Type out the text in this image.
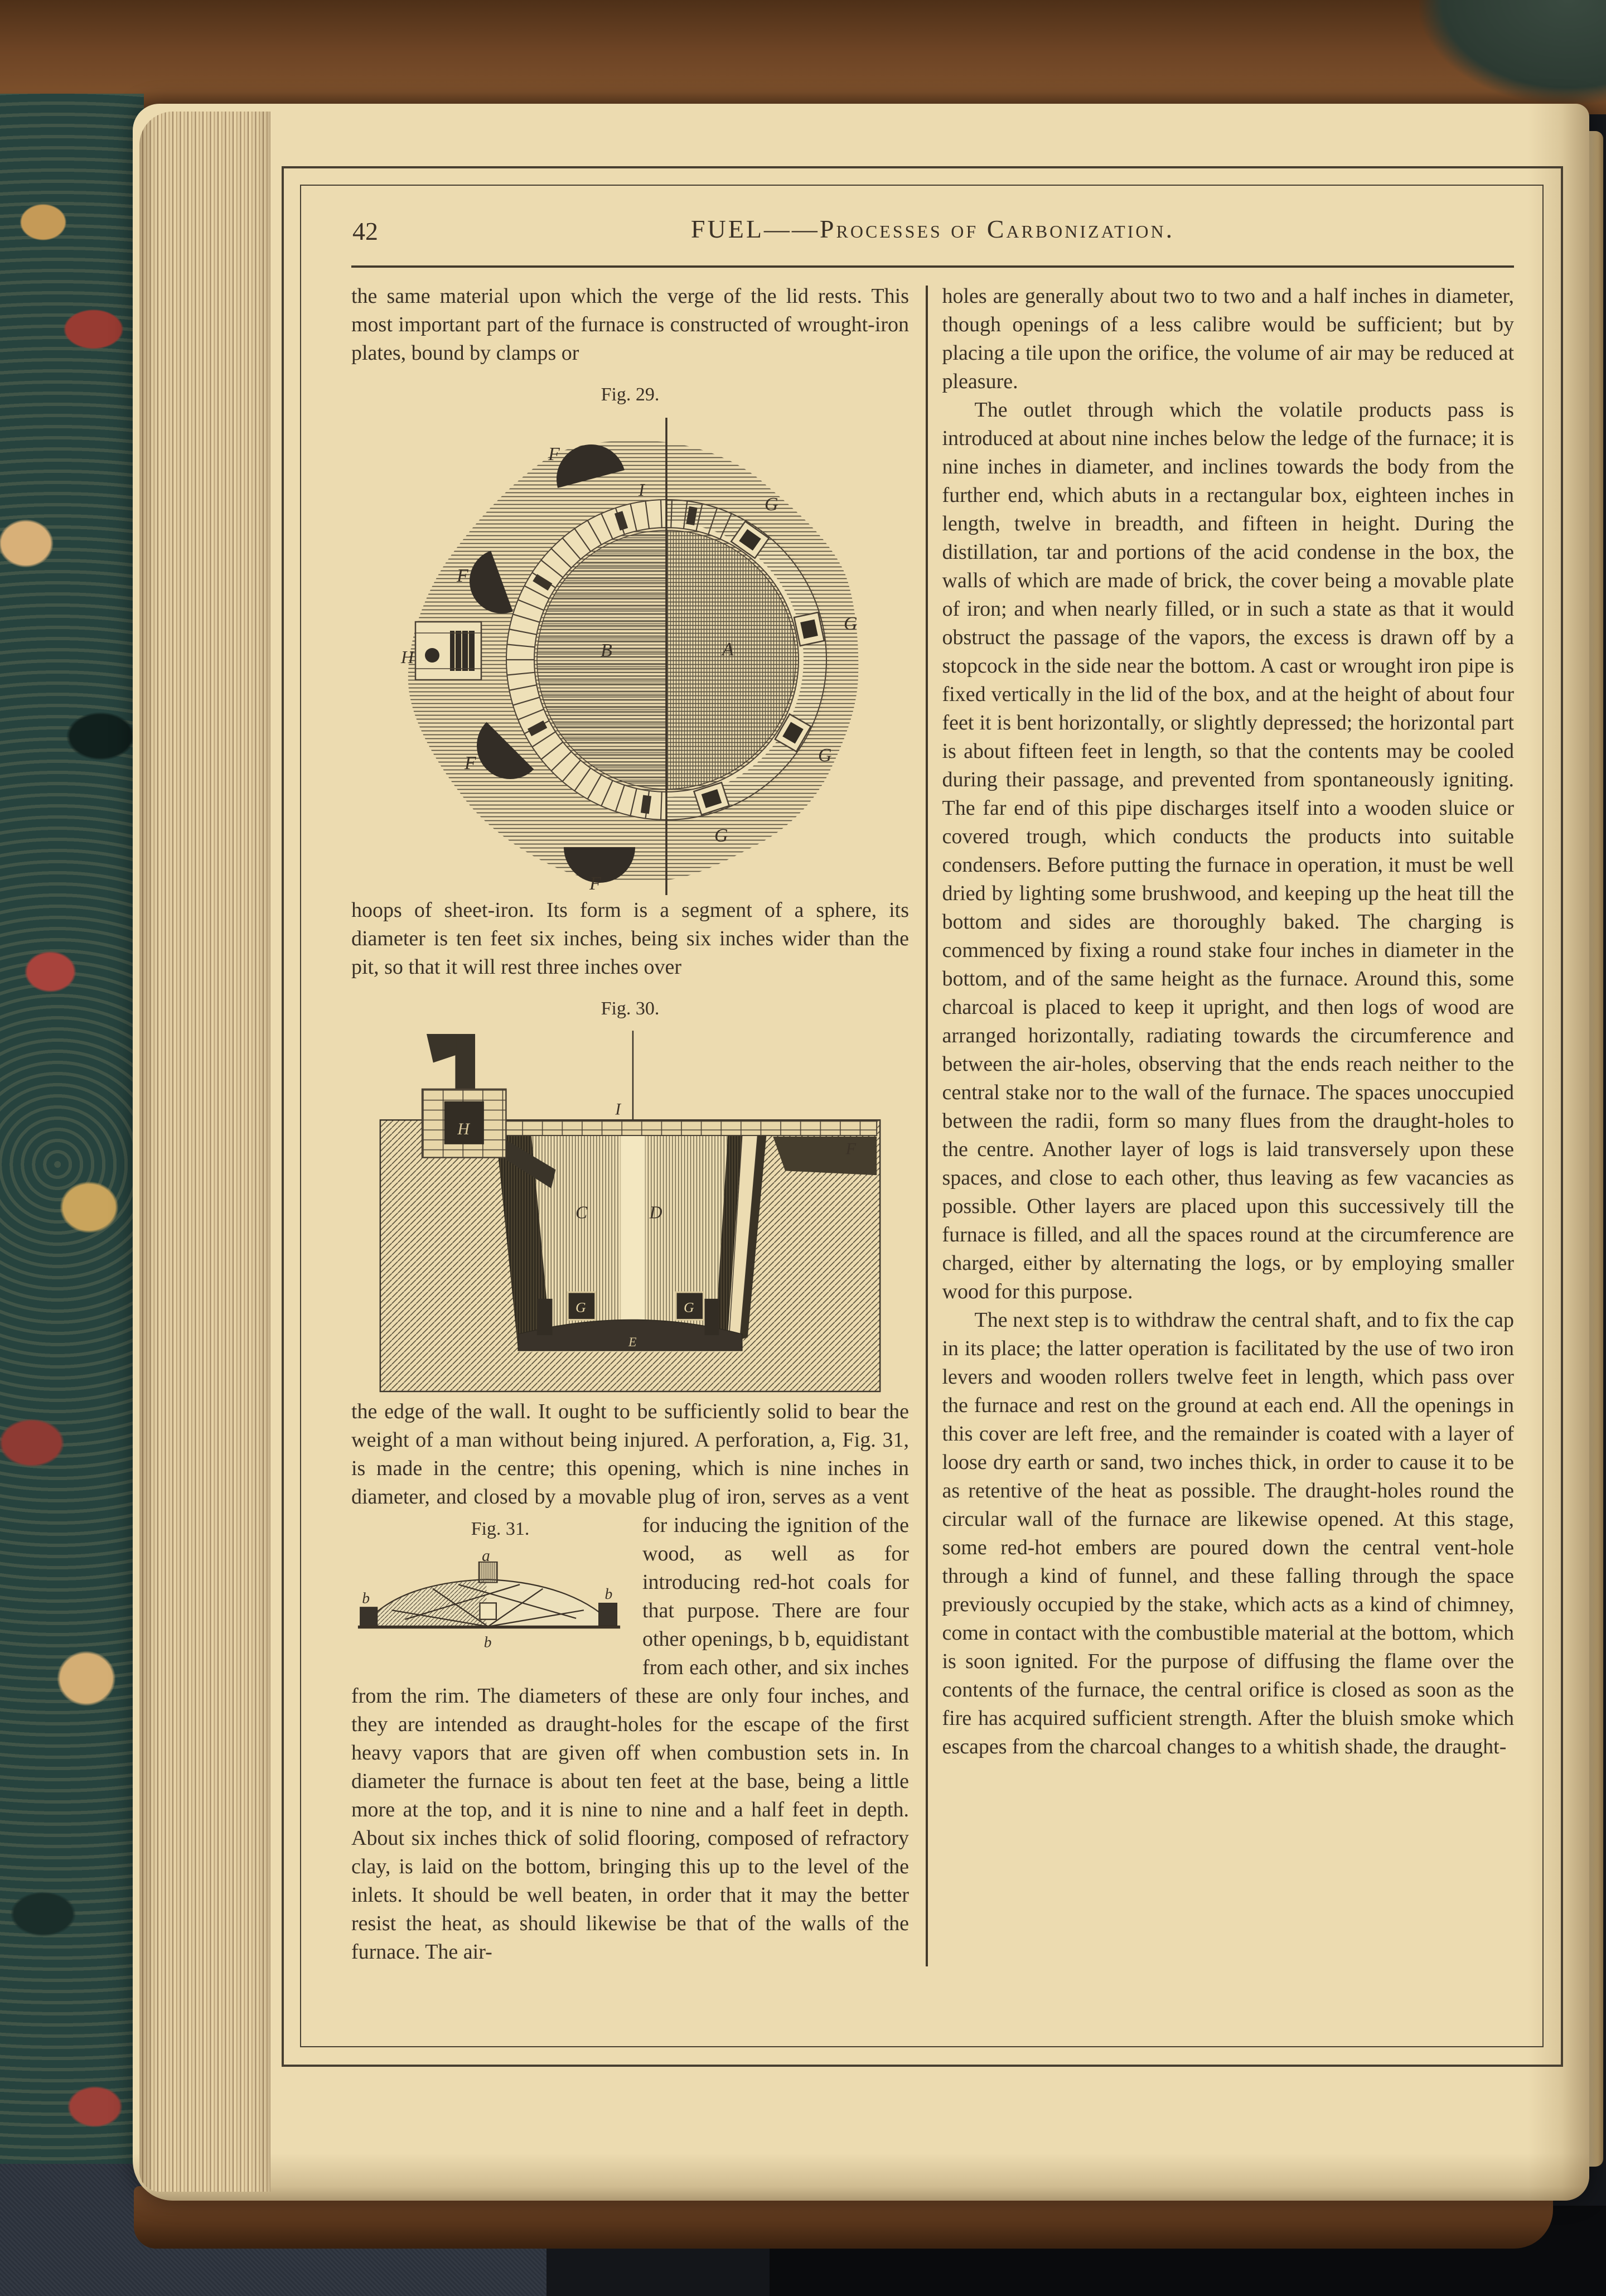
42	FUEL——Processes of Carbonization.

the same material upon which the verge of the lid rests. This most important part of the furnace is constructed of wrought-iron plates, bound by clamps or

Fig. 29.
F
F
F
F
H	B	A
I
G
G
G
G

hoops of sheet-iron. Its form is a segment of a sphere, its diameter is ten feet six inches, being six inches wider than the pit, so that it will rest three inches over

Fig. 30.
I
H
C	D
F
G	G
E

the edge of the wall. It ought to be sufficiently solid to bear the weight of a man without being injured. A perforation, a, Fig. 31, is made in the centre; this opening, which is nine inches in diameter, and closed by a movable plug of iron, serves as a vent for inducing
Fig. 31.
a
b	b
b
the ignition of the wood, as well as for introducing red-hot coals for that purpose. There are four other openings, b b, equidistant from each other, and six inches from the rim. The diameters of these are only four inches, and they are intended as draught-holes for the escape of the first heavy vapors that are given off when combustion sets in. In diameter the furnace is about ten feet at the base, being a little more at the top, and it is nine to nine and a half feet in depth. About six inches thick of solid flooring, composed of refractory clay, is laid on the bottom, bringing this up to the level of the inlets. It should be well beaten, in order that it may the better resist the heat, as should likewise be that of the walls of the furnace. The air-

holes are generally about two to two and a half inches in diameter, though openings of a less calibre would be sufficient; but by placing a tile upon the orifice, the volume of air may be reduced at pleasure.

The outlet through which the volatile products pass is introduced at about nine inches below the ledge of the furnace; it is nine inches in diameter, and inclines towards the body from the further end, which abuts in a rectangular box, eighteen inches in length, twelve in breadth, and fifteen in height. During the distillation, tar and portions of the acid condense in the box, the walls of which are made of brick, the cover being a movable plate of iron; and when nearly filled, or in such a state as that it would obstruct the passage of the vapors, the excess is drawn off by a stopcock in the side near the bottom. A cast or wrought iron pipe is fixed vertically in the lid of the box, and at the height of about four feet it is bent horizontally, or slightly depressed; the horizontal part is about fifteen feet in length, so that the contents may be cooled during their passage, and prevented from spontaneously igniting. The far end of this pipe discharges itself into a wooden sluice or covered trough, which conducts the products into suitable condensers. Before putting the furnace in operation, it must be well dried by lighting some brushwood, and keeping up the heat till the bottom and sides are thoroughly baked. The charging is commenced by fixing a round stake four inches in diameter in the bottom, and of the same height as the furnace. Around this, some charcoal is placed to keep it upright, and then logs of wood are arranged horizontally, radiating towards the circumference and between the air-holes, observing that the ends reach neither to the central stake nor to the wall of the furnace. The spaces unoccupied between the radii, form so many flues from the draught-holes to the centre. Another layer of logs is laid transversely upon these spaces, and close to each other, thus leaving as few vacancies as possible. Other layers are placed upon this successively till the furnace is filled, and all the spaces round at the circumference are charged, either by alternating the logs, or by employing smaller wood for this purpose.

The next step is to withdraw the central shaft, and to fix the cap in its place; the latter operation is facilitated by the use of two iron levers and wooden rollers twelve feet in length, which pass over the furnace and rest on the ground at each end. All the openings in this cover are left free, and the remainder is coated with a layer of loose dry earth or sand, two inches thick, in order to cause it to be as retentive of the heat as possible. The draught-holes round the circular wall of the furnace are likewise opened. At this stage, some red-hot embers are poured down the central vent-hole through a kind of funnel, and these falling through the space previously occupied by the stake, which acts as a kind of chimney, come in contact with the combustible material at the bottom, which is soon ignited. For the purpose of diffusing the flame over the contents of the furnace, the central orifice is closed as soon as the fire has acquired sufficient strength. After the bluish smoke which escapes from the charcoal changes to a whitish shade, the draught-
